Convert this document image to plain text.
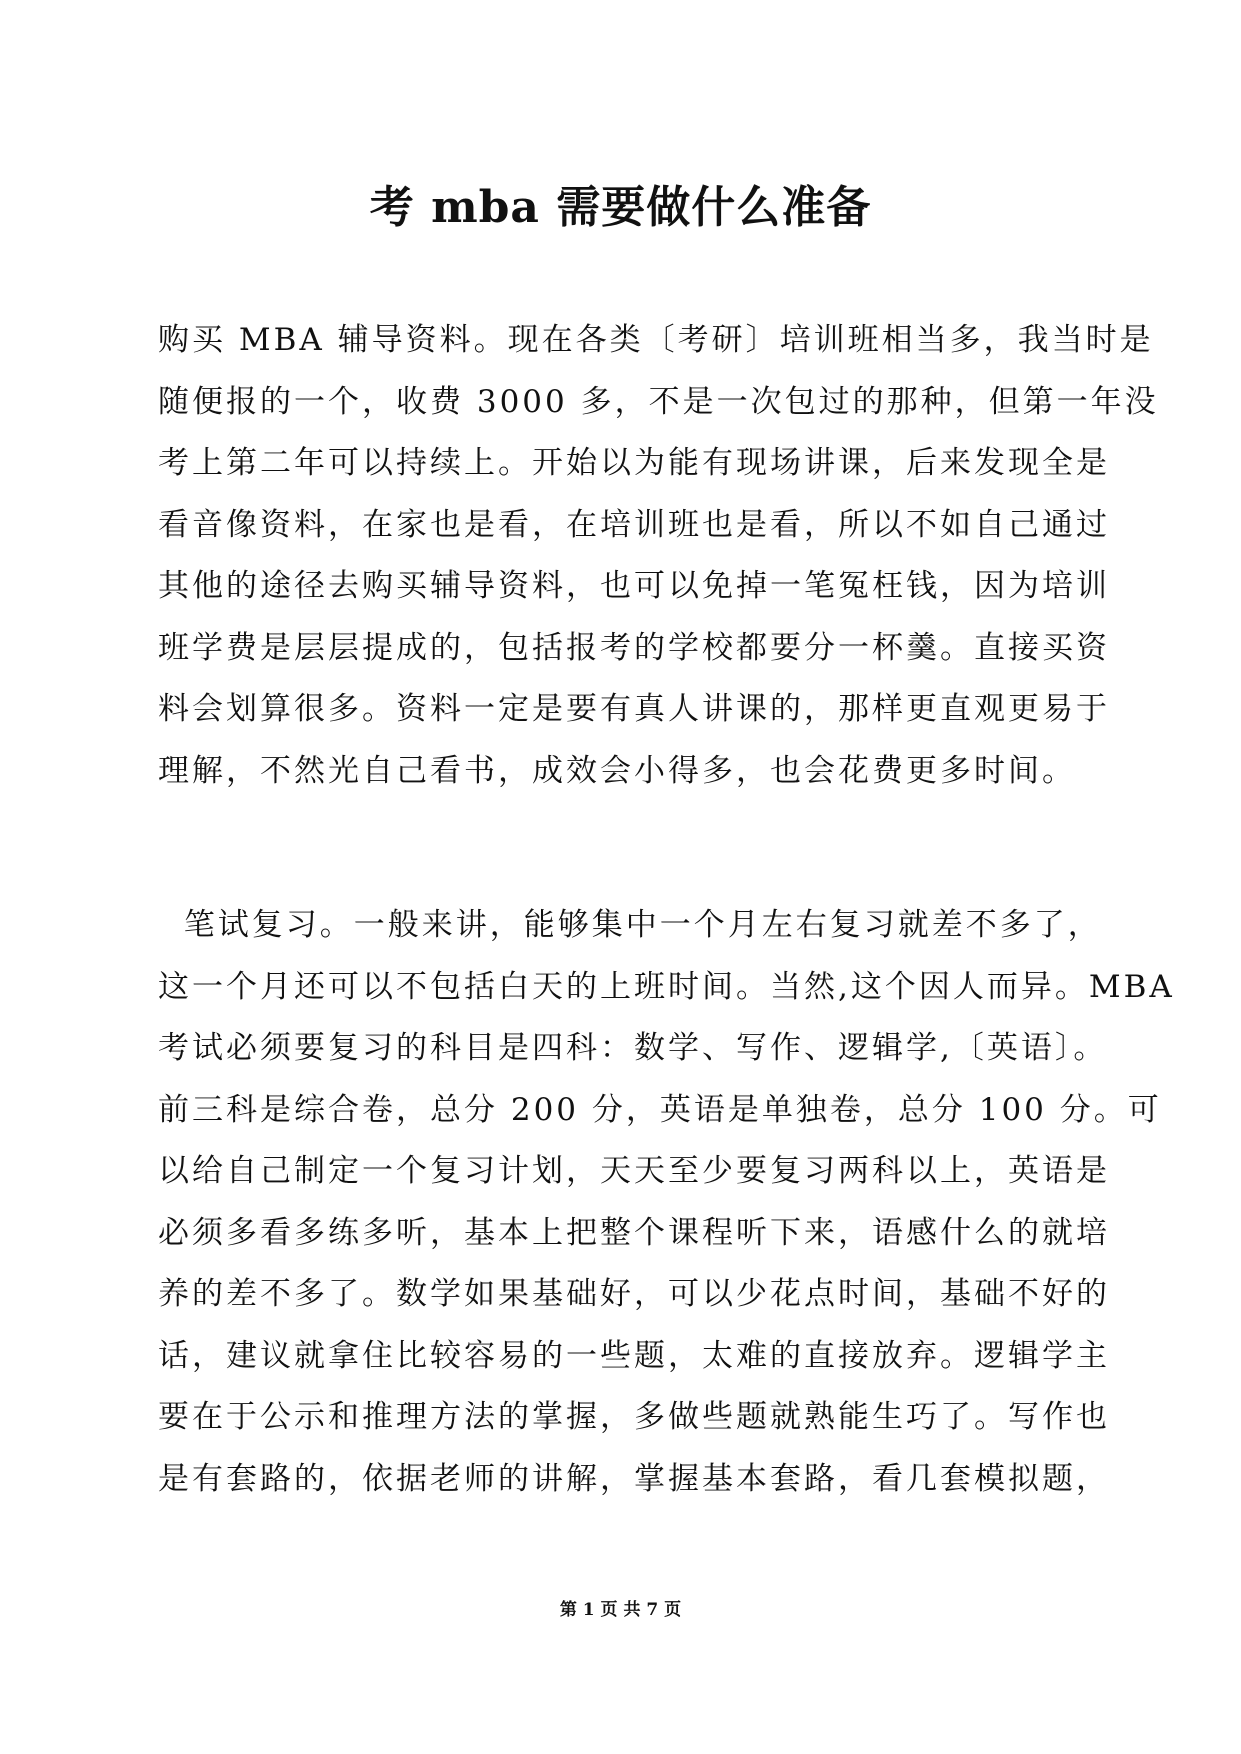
考 mba 需要做什么准备
购买 MBA 辅导资料。现在各类〔考研〕培训班相当多，我当时是
随便报的一个，收费 3000 多，不是一次包过的那种，但第一年没
考上第二年可以持续上。开始以为能有现场讲课，后来发现全是
看音像资料，在家也是看，在培训班也是看，所以不如自己通过
其他的途径去购买辅导资料，也可以免掉一笔冤枉钱，因为培训
班学费是层层提成的，包括报考的学校都要分一杯羹。直接买资
料会划算很多。资料一定是要有真人讲课的，那样更直观更易于
理解，不然光自己看书，成效会小得多，也会花费更多时间。
笔试复习。一般来讲，能够集中一个月左右复习就差不多了，
这一个月还可以不包括白天的上班时间。当然,这个因人而异。MBA
考试必须要复习的科目是四科：数学、写作、逻辑学,〔英语〕。
前三科是综合卷，总分 200 分，英语是单独卷，总分 100 分。可
以给自己制定一个复习计划，天天至少要复习两科以上，英语是
必须多看多练多听，基本上把整个课程听下来，语感什么的就培
养的差不多了。数学如果基础好，可以少花点时间，基础不好的
话，建议就拿住比较容易的一些题，太难的直接放弃。逻辑学主
要在于公示和推理方法的掌握，多做些题就熟能生巧了。写作也
是有套路的，依据老师的讲解，掌握基本套路，看几套模拟题，
第 1 页 共 7 页
